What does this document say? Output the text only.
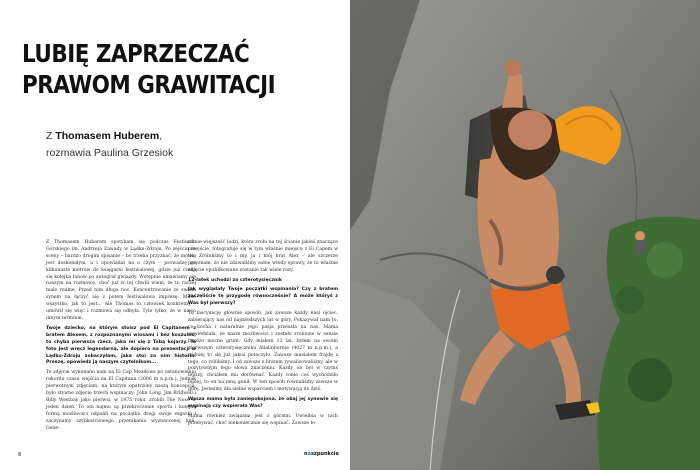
LUBIĘ ZAPRZECZAĆ
PRAWOM GRAWITACJI
Z Thomasem Huberem,
rozmawia Paulina Grzesiok

Z Thomasem Huberem spotykam się podczas Festiwalu Górskiego im. Andrzeja Zawady w Lądku-Zdroju. Po zejściu ze sceny – bardzo drogim spisanie – bo trzeba przyznać, że mówią jest doskonałym, a i opowiadał na o czym – prowadzę go kilkunaste metrów do księgarni festiwalowej, gdzie już czeka się kolejka fanów po autograf gwiazdy. Wstępnie umawiamy się naszym na rozmowę, choć już w tej chwili wiem, że to raczej mało realne. Przed nim długa noc. Koncentrowanie ze swoim synem na łączyć się z potem festiwalowa imprezę. Mimo wszystko, jak to jest... Ale Thomas to człowiek konkretny – umówił się więc i rozmowa się odbyła. Tyle tylko, że w nieco innym terminie.

Twoje dziecko, na którym stoisz pod El Capitanem z bratem Alexem, z rozpoznanymi wiosami i bez koszulek, to chyba pierwsza rzecz, jaka mi się z Tobą kojarzy. To foto jest wręcz legendarną, ale dopiero na prezentacji w Lądku-Zdroju zobaczyłam, jaka stoi za nim historia. Proszę, opowiedz ją naszym czytelnikom...

To zdjęcie wykonano nam na El Cap Meadows po ustanowieniu rekordu czasu wejścia na El Capitana (2006 m n.p.m.). Jednak pierwotnym zdjęciem, na którym opatrzony naszą koncepcją, było stywne zdjęcie trzech wspinaczy: John Long, Jim Bridwell i Billy Westbay jako pierwsi, w 1975 roku, zrobili The Nose w jeden dzień. To oni najmu są przekroczenie sportu i kolejną formą możliwości odpalili na początku drogi swoje zegarki i zaczynamy szybkościowego przenikania wyznaczonej linii. Gene-

ralnie więjszość ludzi, która zrobi na tej ścianie jakieś znaczące przejście, fotografuje się w tym właśnie miejscu z El Capem w tle. Zrobiliśmy to i my, ja i mój brat Alex – ale szczerze przyznam, że nie zdawaliśmy sobie wtedy sprawy, że to właśnie zdjęcie opublikowane zostanie tak wiele razy.

12-latek uchodzi za czterotysięcznik

Jak wyglądały Twoje początki wspinania? Czy z bratem zaczęliście tę przygodę równocześnie? A może któryś z Was był pierwszy?

Tę fascynację głównie sposób, jak zawsze każdy nasi ojciec, zabierający nas od najmłodszych lat w góry. Pokazywał nam to, co kocha i naturalnie jego pasja przeszła na nas. Mama powiedziała, że nasze możliwości i zostało zrobione w sensie bardzo mocne grunt. Gdy miałem 13 lat, byłem na swoim pierwszym czterotysięczniku Allalinhornie (4027 m n.p.m.), a później to się już jakoś potoczyło. Zawsze musiałem frajdę z tego, co robiliśmy. I od zawsze z bratem rywalizowaliśmy, ale w pozytywnym tego słowa znaczeniu. Każdy on był w czymś lepszy, chciałem mu dorównać. Każdy tonie coś wychodziło lepiej, to on na mną gonił. W ten sposób równaliśmy zawsze w górę. Jesteśmy dla siebie wsparciem i motywacją do dziś.

Wasza mama była zaniepokojona, że obaj jej synowie się wspinają czy wspierała Was?

Mama również związana jest z górami. Uwielbia w nich przebywać, choć niekoniecznie się wspinać. Zawsze to-

8	naszpunkcie
